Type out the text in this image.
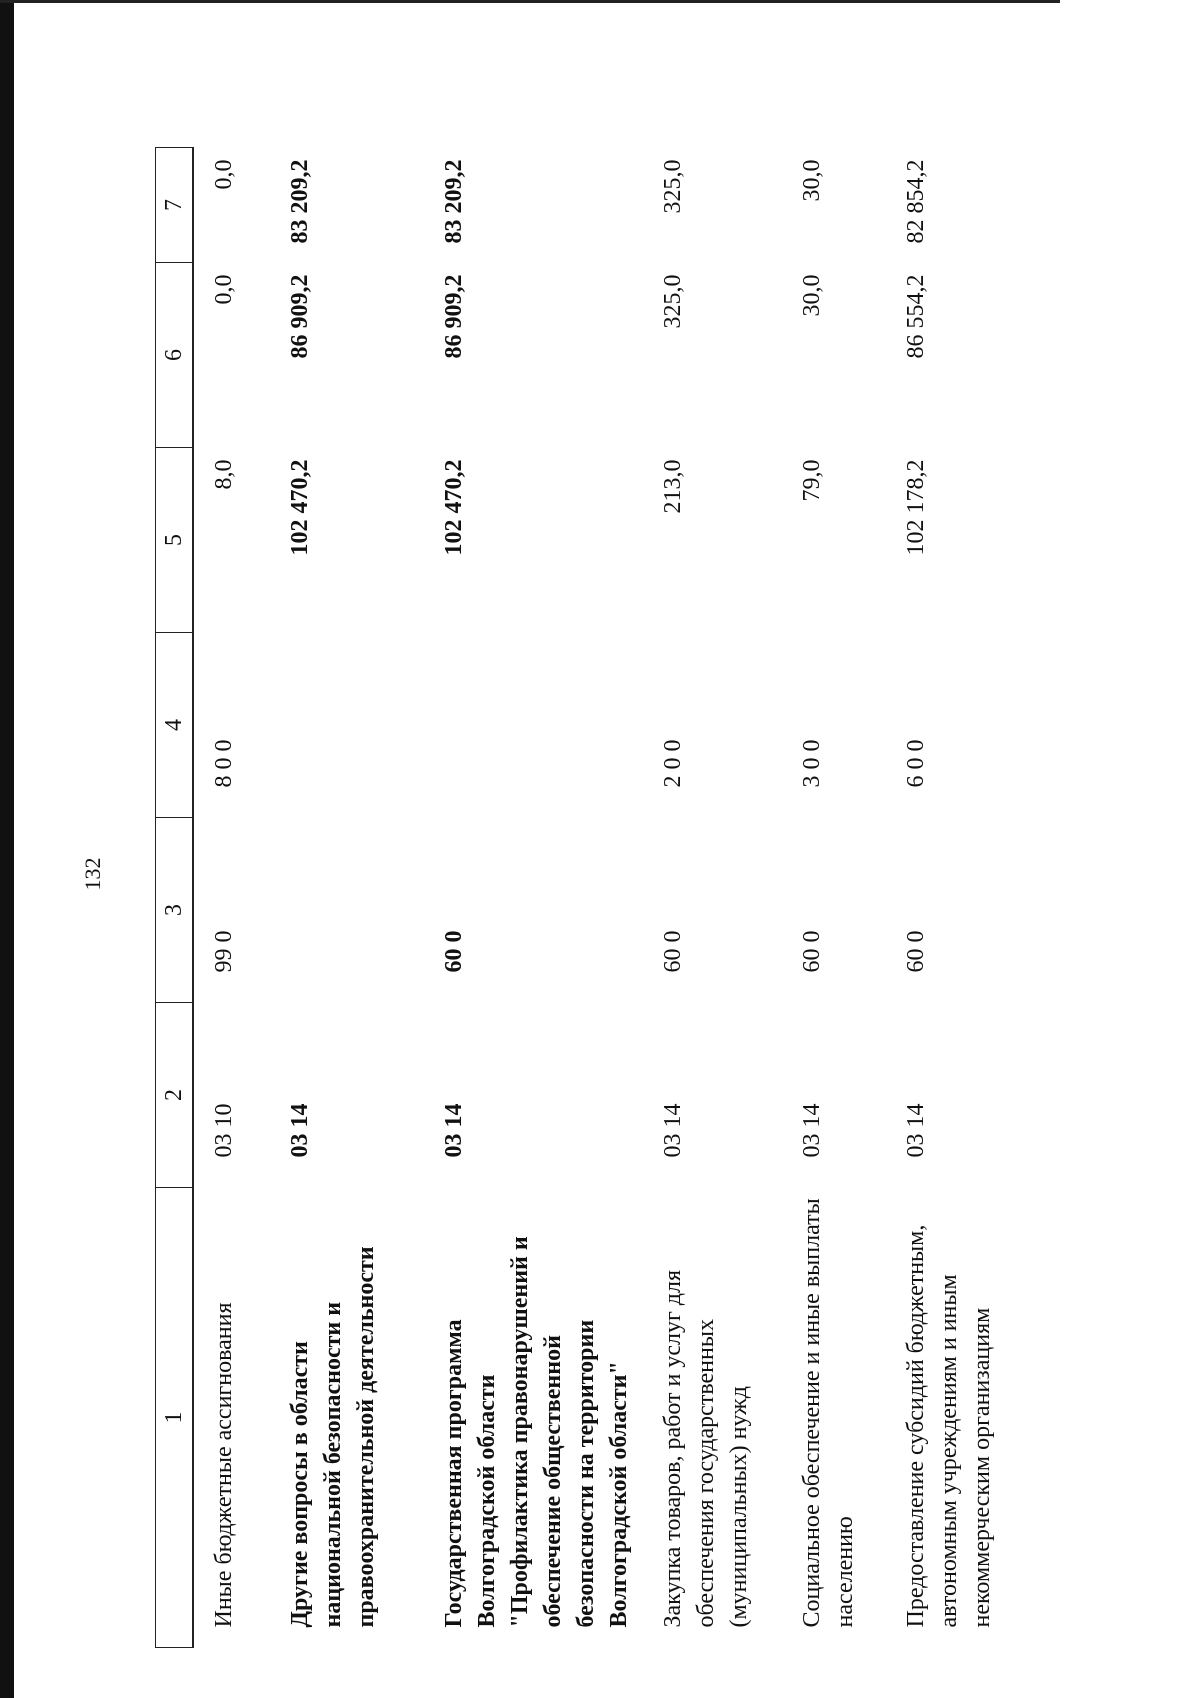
132
1	2	3	4	5	6	7
Иные бюджетные ассигнования	03 10	99 0	8 0 0	8,0	0,0	0,0
Другие вопросы в области национальной безопасности и правоохранительной деятельности	03 14			102 470,2	86 909,2	83 209,2
Государственная программа Волгоградской области "Профилактика правонарушений и обеспечение общественной безопасности на территории Волгоградской области"	03 14	60 0		102 470,2	86 909,2	83 209,2
Закупка товаров, работ и услуг для обеспечения государственных (муниципальных) нужд	03 14	60 0	2 0 0	213,0	325,0	325,0
Социальное обеспечение и иные выплаты населению	03 14	60 0	3 0 0	79,0	30,0	30,0
Предоставление субсидий бюджетным, автономным учреждениям и иным некоммерческим организациям	03 14	60 0	6 0 0	102 178,2	86 554,2	82 854,2
